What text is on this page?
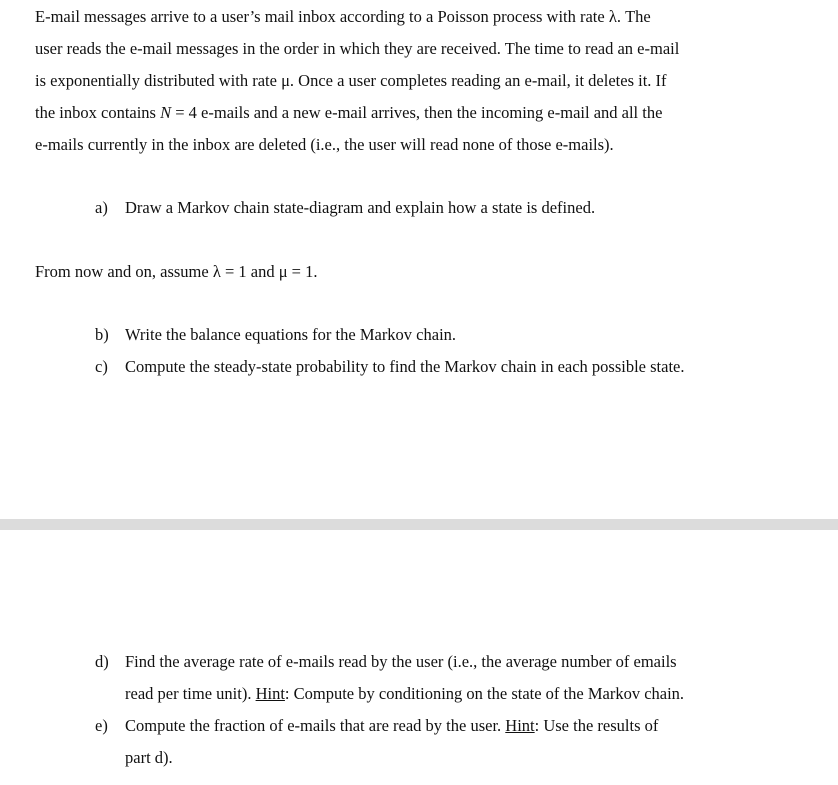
E-mail messages arrive to a user’s mail inbox according to a Poisson process with rate λ. The
user reads the e-mail messages in the order in which they are received. The time to read an e-mail
is exponentially distributed with rate μ. Once a user completes reading an e-mail, it deletes it. If
the inbox contains N = 4 e-mails and a new e-mail arrives, then the incoming e-mail and all the
e-mails currently in the inbox are deleted (i.e., the user will read none of those e-mails).
a) Draw a Markov chain state-diagram and explain how a state is defined.
From now and on, assume λ = 1 and μ = 1.
b) Write the balance equations for the Markov chain.
c) Compute the steady-state probability to find the Markov chain in each possible state.
d) Find the average rate of e-mails read by the user (i.e., the average number of emails
read per time unit). Hint: Compute by conditioning on the state of the Markov chain.
e) Compute the fraction of e-mails that are read by the user. Hint: Use the results of
part d).
